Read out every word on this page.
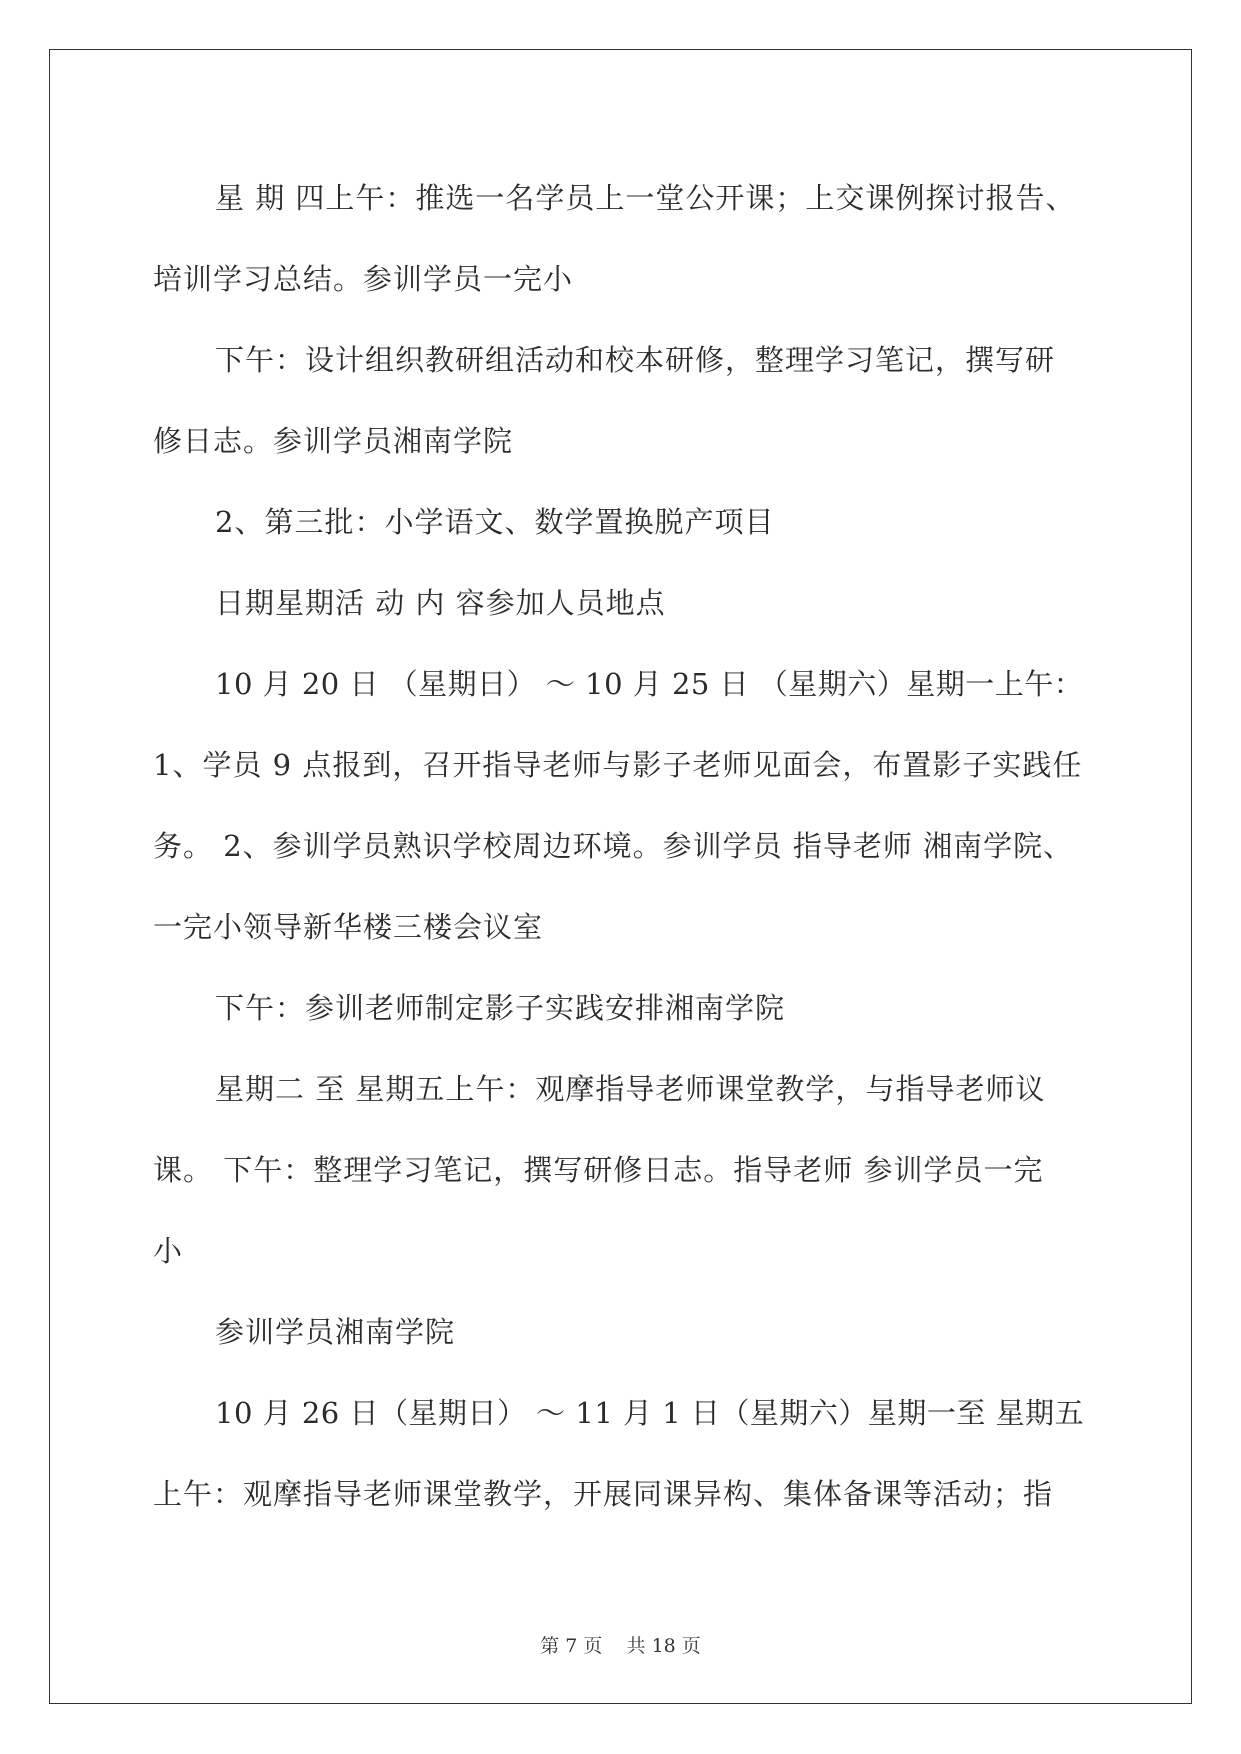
星 期 四上午：推选一名学员上一堂公开课；上交课例探讨报告、
培训学习总结。参训学员一完小
下午：设计组织教研组活动和校本研修，整理学习笔记，撰写研
修日志。参训学员湘南学院
2、第三批：小学语文、数学置换脱产项目
日期星期活 动 内 容参加人员地点
10 月 20 日 （星期日） ～ 10 月 25 日 （星期六）星期一上午：
1、学员 9 点报到，召开指导老师与影子老师见面会，布置影子实践任
务。 2、参训学员熟识学校周边环境。参训学员 指导老师 湘南学院、
一完小领导新华楼三楼会议室
下午：参训老师制定影子实践安排湘南学院
星期二 至 星期五上午：观摩指导老师课堂教学，与指导老师议
课。 下午：整理学习笔记，撰写研修日志。指导老师 参训学员一完
小
参训学员湘南学院
10 月 26 日（星期日） ～ 11 月 1 日（星期六）星期一至 星期五
上午：观摩指导老师课堂教学，开展同课异构、集体备课等活动；指
第 7 页    共 18 页
